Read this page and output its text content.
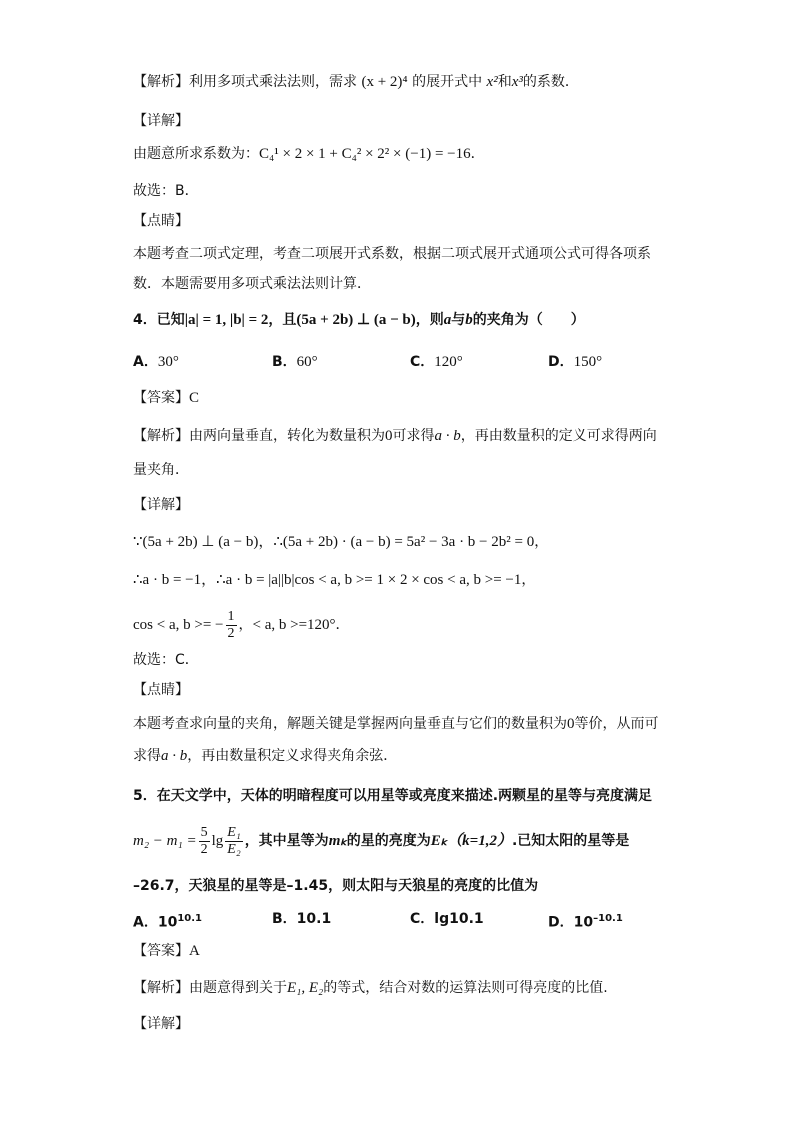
【解析】利用多项式乘法法则，需求 (x + 2)⁴ 的展开式中 x²和x³的系数．
【详解】
由题意所求系数为：C₄¹ × 2 × 1 + C₄² × 2² × (−1) = −16．
故选：B．
【点睛】
本题考查二项式定理，考查二项展开式系数，根据二项式展开式通项公式可得各项系
数．本题需要用多项式乘法法则计算．
4．已知|a| = 1, |b| = 2，且(5a + 2b) ⊥ (a − b)，则a与b的夹角为（　　）
A．30°	B．60°	C．120°	D．150°
【答案】C
【解析】由两向量垂直，转化为数量积为0可求得a · b，再由数量积的定义可求得两向
量夹角．
【详解】
∵(5a + 2b) ⊥ (a − b)，∴(5a + 2b) · (a − b) = 5a² − 3a · b − 2b² = 0，
∴a · b = −1，∴a · b = |a||b|cos < a, b >= 1 × 2 × cos < a, b >= −1，
cos < a, b >= − $\frac{1}{2}$ ，< a, b >=120°．
故选：C．
【点睛】
本题考查求向量的夹角，解题关键是掌握两向量垂直与它们的数量积为0等价，从而可
求得a · b，再由数量积定义求得夹角余弦．
5．在天文学中，天体的明暗程度可以用星等或亮度来描述.两颗星的星等与亮度满足
$m_2 - m_1 = \frac{5}{2}$ $\lg \frac{\text{E₁}}{\text{E₂}}$ ，其中星等为mₖ的星的亮度为Eₖ（k=1,2）.已知太阳的星等是
–26.7，天狼星的星等是–1.45，则太阳与天狼星的亮度的比值为
A．$10^{10.1}$	B．10.1	C．lg10.1	D．$10^{-10.1}$
【答案】A
【解析】由题意得到关于E₁, E₂的等式，结合对数的运算法则可得亮度的比值.
【详解】
